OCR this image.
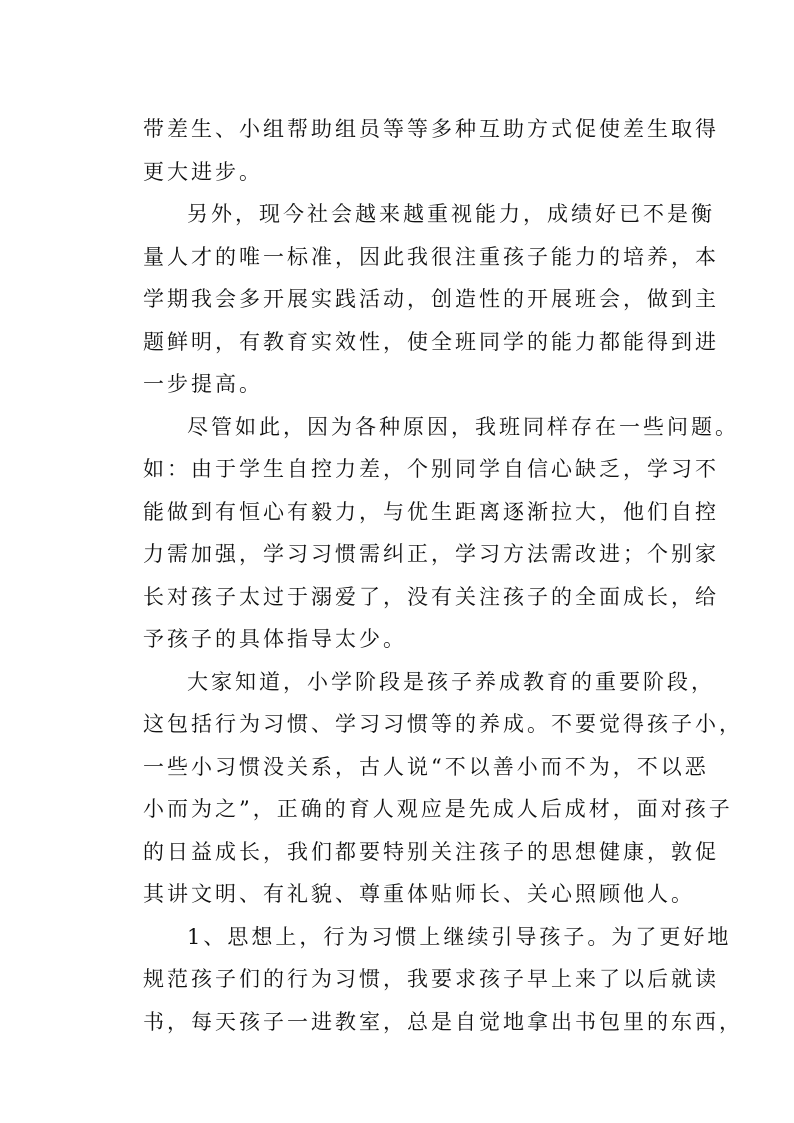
带差生、小组帮助组员等等多种互助方式促使差生取得
更大进步。
另外，现今社会越来越重视能力，成绩好已不是衡
量人才的唯一标准，因此我很注重孩子能力的培养，本
学期我会多开展实践活动，创造性的开展班会，做到主
题鲜明，有教育实效性，使全班同学的能力都能得到进
一步提高。
尽管如此，因为各种原因，我班同样存在一些问题。
如：由于学生自控力差，个别同学自信心缺乏，学习不
能做到有恒心有毅力，与优生距离逐渐拉大，他们自控
力需加强，学习习惯需纠正，学习方法需改进；个别家
长对孩子太过于溺爱了，没有关注孩子的全面成长，给
予孩子的具体指导太少。
大家知道，小学阶段是孩子养成教育的重要阶段，
这包括行为习惯、学习习惯等的养成。不要觉得孩子小，
一些小习惯没关系，古人说“不以善小而不为，不以恶
小而为之”，正确的育人观应是先成人后成材，面对孩子
的日益成长，我们都要特别关注孩子的思想健康，敦促
其讲文明、有礼貌、尊重体贴师长、关心照顾他人。
1、思想上，行为习惯上继续引导孩子。为了更好地
规范孩子们的行为习惯，我要求孩子早上来了以后就读
书，每天孩子一进教室，总是自觉地拿出书包里的东西，
